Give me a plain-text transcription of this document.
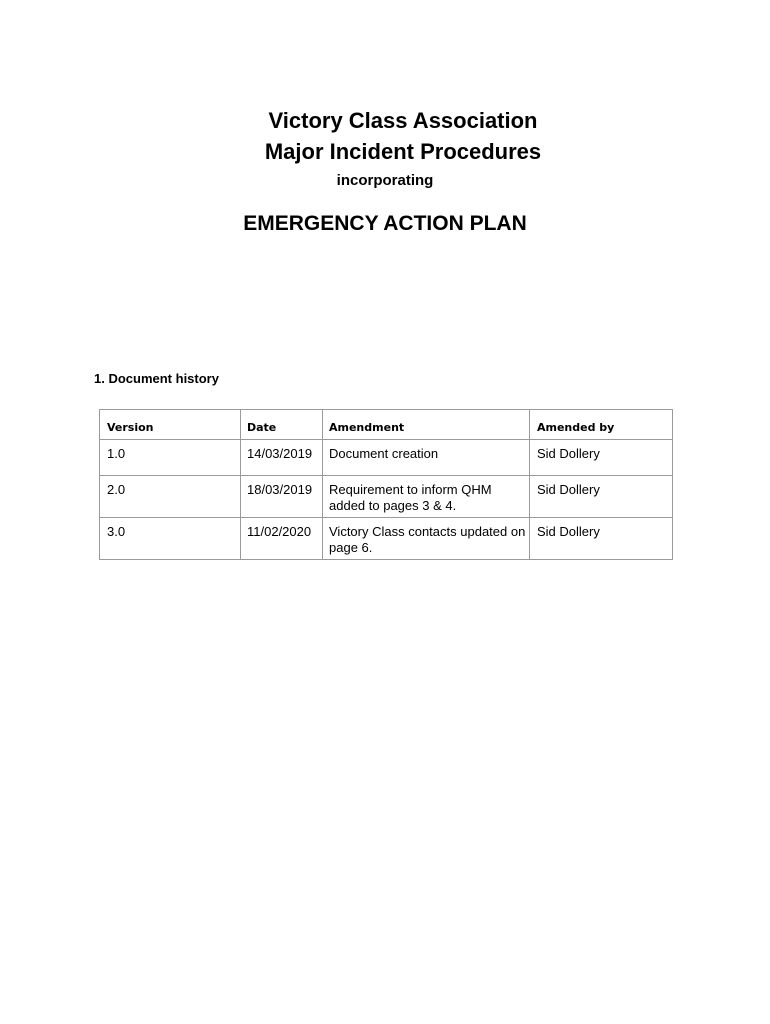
Victory Class Association
Major Incident Procedures
incorporating
EMERGENCY ACTION PLAN
1. Document history
Version	Date	Amendment	Amended by
1.0	14/03/2019	Document creation	Sid Dollery
2.0	18/03/2019	Requirement to inform QHM added to pages 3 & 4.	Sid Dollery
3.0	11/02/2020	Victory Class contacts updated on page 6.	Sid Dollery
